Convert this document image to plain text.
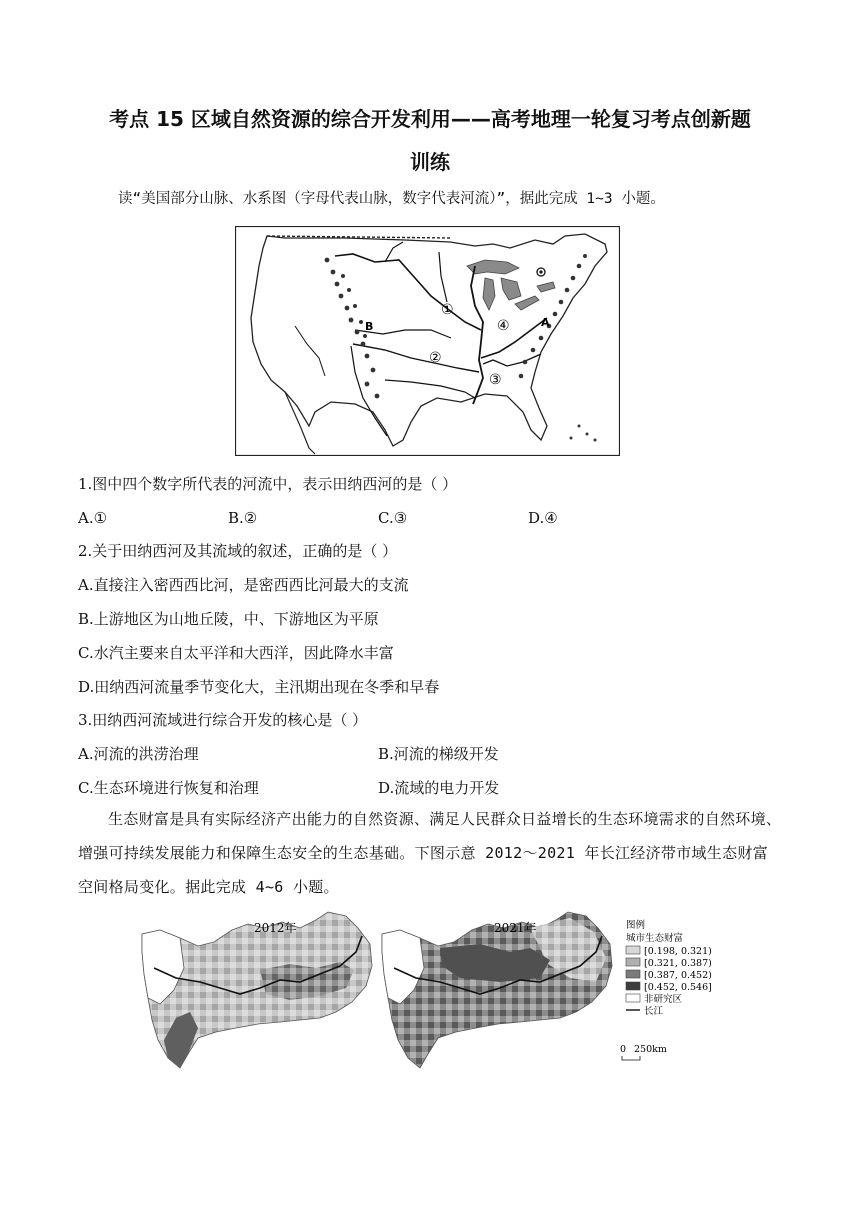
考点 15 区域自然资源的综合开发利用——高考地理一轮复习考点创新题
训练
读“美国部分山脉、水系图（字母代表山脉，数字代表河流）”，据此完成 1~3 小题。
B	A
①
②
③
④
1.图中四个数字所代表的河流中，表示田纳西河的是（ ）
A.①	B.②	C.③	D.④
2.关于田纳西河及其流域的叙述，正确的是（ ）
A.直接注入密西西比河，是密西西比河最大的支流
B.上游地区为山地丘陵，中、下游地区为平原
C.水汽主要来自太平洋和大西洋，因此降水丰富
D.田纳西河流量季节变化大，主汛期出现在冬季和早春
3.田纳西河流域进行综合开发的核心是（ ）
A.河流的洪涝治理	B.河流的梯级开发
C.生态环境进行恢复和治理	D.流域的电力开发
生态财富是具有实际经济产出能力的自然资源、满足人民群众日益增长的生态环境需求的自然环境、增强可持续发展能力和保障生态安全的生态基础。下图示意 2012～2021 年长江经济带市域生态财富空间格局变化。据此完成 4~6 小题。
2012年	2021年	图例
城市生态财富
[0.198, 0.321)
[0.321, 0.387)
[0.387, 0.452)
[0.452, 0.546]
非研究区
长江
0 250km
